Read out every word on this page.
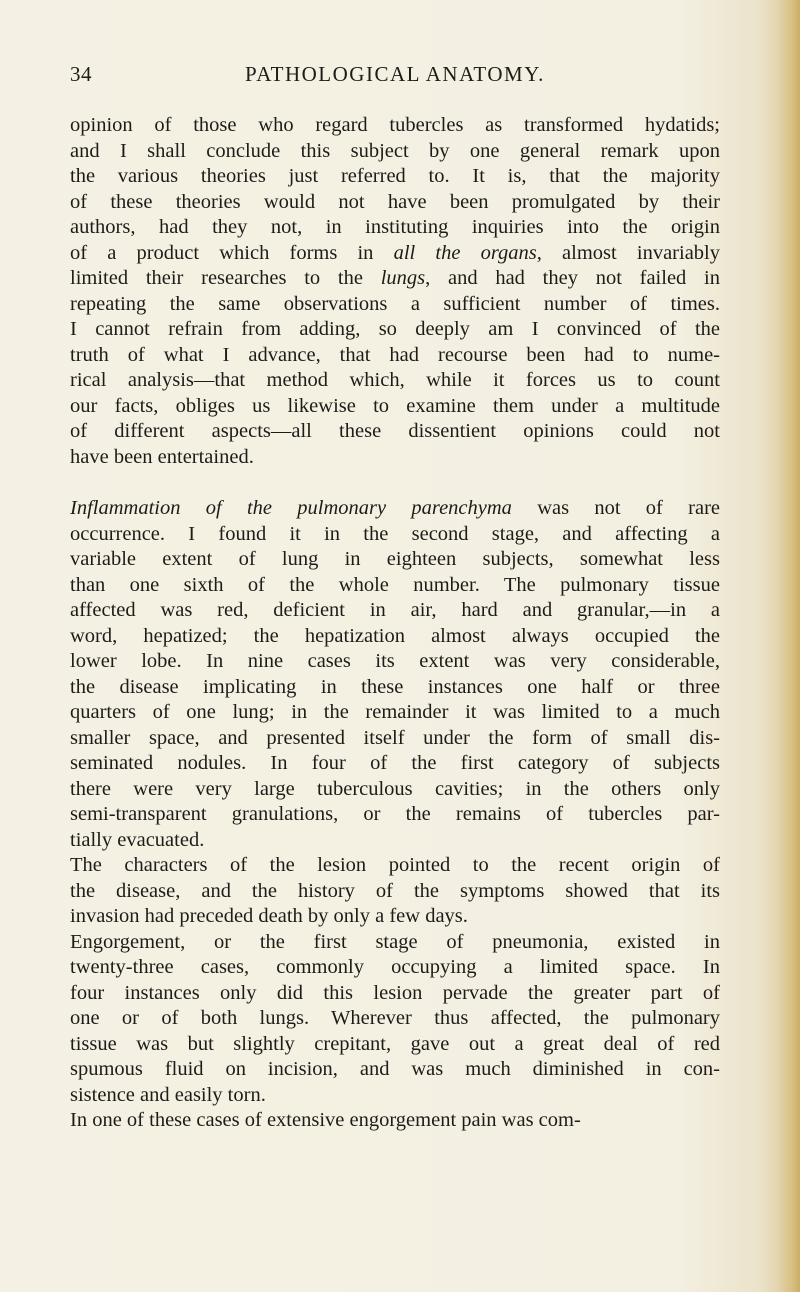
34	PATHOLOGICAL ANATOMY.
opinion of those who regard tubercles as transformed hydatids;
and I shall conclude this subject by one general remark upon
the various theories just referred to. It is, that the majority
of these theories would not have been promulgated by their
authors, had they not, in instituting inquiries into the origin
of a product which forms in all the organs, almost invariably
limited their researches to the lungs, and had they not failed in
repeating the same observations a sufficient number of times.
I cannot refrain from adding, so deeply am I convinced of the
truth of what I advance, that had recourse been had to nume-
rical analysis—that method which, while it forces us to count
our facts, obliges us likewise to examine them under a multitude
of different aspects—all these dissentient opinions could not
have been entertained.
Inflammation of the pulmonary parenchyma was not of rare
occurrence. I found it in the second stage, and affecting a
variable extent of lung in eighteen subjects, somewhat less
than one sixth of the whole number. The pulmonary tissue
affected was red, deficient in air, hard and granular,—in a
word, hepatized; the hepatization almost always occupied the
lower lobe. In nine cases its extent was very considerable,
the disease implicating in these instances one half or three
quarters of one lung; in the remainder it was limited to a much
smaller space, and presented itself under the form of small dis-
seminated nodules. In four of the first category of subjects
there were very large tuberculous cavities; in the others only
semi-transparent granulations, or the remains of tubercles par-
tially evacuated.
The characters of the lesion pointed to the recent origin of
the disease, and the history of the symptoms showed that its
invasion had preceded death by only a few days.
Engorgement, or the first stage of pneumonia, existed in
twenty-three cases, commonly occupying a limited space. In
four instances only did this lesion pervade the greater part of
one or of both lungs. Wherever thus affected, the pulmonary
tissue was but slightly crepitant, gave out a great deal of red
spumous fluid on incision, and was much diminished in con-
sistence and easily torn.
In one of these cases of extensive engorgement pain was com-
